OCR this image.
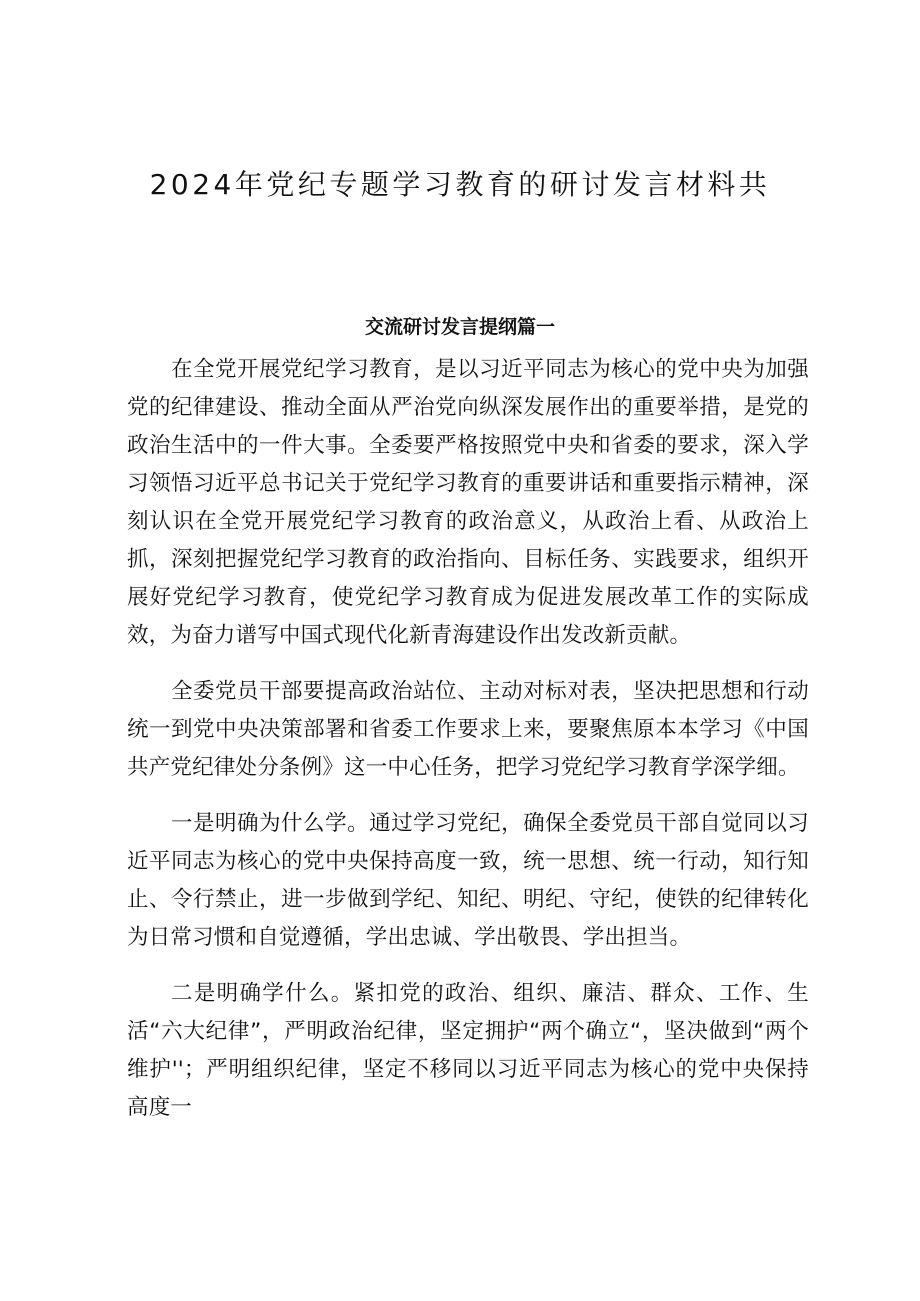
2024年党纪专题学习教育的研讨发言材料共
交流研讨发言提纲篇一

在全党开展党纪学习教育，是以习近平同志为核心的党中央为加强党的纪律建设、推动全面从严治党向纵深发展作出的重要举措，是党的政治生活中的一件大事。全委要严格按照党中央和省委的要求，深入学习领悟习近平总书记关于党纪学习教育的重要讲话和重要指示精神，深刻认识在全党开展党纪学习教育的政治意义，从政治上看、从政治上抓，深刻把握党纪学习教育的政治指向、目标任务、实践要求，组织开展好党纪学习教育，使党纪学习教育成为促进发展改革工作的实际成效，为奋力谱写中国式现代化新青海建设作出发改新贡献。

全委党员干部要提高政治站位、主动对标对表，坚决把思想和行动统一到党中央决策部署和省委工作要求上来，要聚焦原本本学习《中国共产党纪律处分条例》这一中心任务，把学习党纪学习教育学深学细。

一是明确为什么学。通过学习党纪，确保全委党员干部自觉同以习近平同志为核心的党中央保持高度一致，统一思想、统一行动，知行知止、令行禁止，进一步做到学纪、知纪、明纪、守纪，使铁的纪律转化为日常习惯和自觉遵循，学出忠诚、学出敬畏、学出担当。

二是明确学什么。紧扣党的政治、组织、廉洁、群众、工作、生活“六大纪律”，严明政治纪律，坚定拥护“两个确立“，坚决做到“两个维护''；严明组织纪律，坚定不移同以习近平同志为核心的党中央保持高度一
